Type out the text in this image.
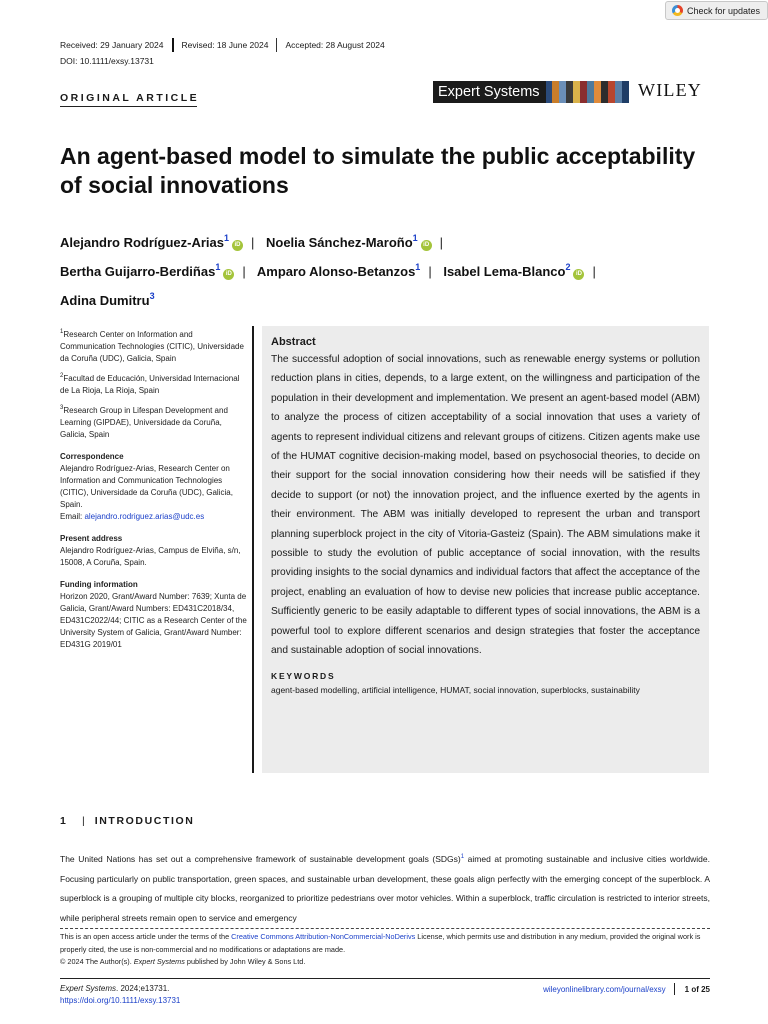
Check for updates
Received: 29 January 2024	Revised: 18 June 2024	Accepted: 28 August 2024
DOI: 10.1111/exsy.13731
ORIGINAL ARTICLE	Expert Systems	WILEY
An agent-based model to simulate the public acceptability of social innovations
Alejandro Rodríguez-Arias$^1$iD | Noelia Sánchez-Maroño$^1$iD |
Bertha Guijarro-Berdiñas$^1$iD | Amparo Alonso-Betanzos$^1$ | Isabel Lema-Blanco$^2$iD |
Adina Dumitru$^3$
$^1$Research Center on Information and Communication Technologies (CITIC), Universidade da Coruña (UDC), Galicia, Spain
$^2$Facultad de Educación, Universidad Internacional de La Rioja, La Rioja, Spain
$^3$Research Group in Lifespan Development and Learning (GIPDAE), Universidade da Coruña, Galicia, Spain
Correspondence
Alejandro Rodríguez-Arias, Research Center on Information and Communication Technologies (CITIC), Universidade da Coruña (UDC), Galicia, Spain.
Email: alejandro.rodriguez.arias@udc.es
Present address
Alejandro Rodríguez-Arias, Campus de Elviña, s/n, 15008, A Coruña, Spain.
Funding information
Horizon 2020, Grant/Award Number: 7639; Xunta de Galicia, Grant/Award Numbers: ED431C2018/34, ED431C2022/44; CITIC as a Research Center of the University System of Galicia, Grant/Award Number: ED431G 2019/01
Abstract

The successful adoption of social innovations, such as renewable energy systems or pollution reduction plans in cities, depends, to a large extent, on the willingness and participation of the population in their development and implementation. We present an agent-based model (ABM) to analyze the process of citizen acceptability of a social innovation that uses a variety of agents to represent individual citizens and relevant groups of citizens. Citizen agents make use of the HUMAT cognitive decision-making model, based on psychosocial theories, to decide on their support for the social innovation considering how their needs will be satisfied if they decide to support (or not) the innovation project, and the influence exerted by the agents in their environment. The ABM was initially developed to represent the urban and transport planning superblock project in the city of Vitoria-Gasteiz (Spain). The ABM simulations make it possible to study the evolution of public acceptance of social innovation, with the results providing insights to the social dynamics and individual factors that affect the acceptance of the project, enabling an evaluation of how to devise new policies that increase public acceptance. Sufficiently generic to be easily adaptable to different types of social innovations, the ABM is a powerful tool to explore different scenarios and design strategies that foster the acceptance and sustainable adoption of social innovations.

KEYWORDS
agent-based modelling, artificial intelligence, HUMAT, social innovation, superblocks, sustainability
1 | INTRODUCTION

The United Nations has set out a comprehensive framework of sustainable development goals (SDGs)$^1$ aimed at promoting sustainable and inclusive cities worldwide. Focusing particularly on public transportation, green spaces, and sustainable urban development, these goals align perfectly with the emerging concept of the superblock. A superblock is a grouping of multiple city blocks, reorganized to prioritize pedestrians over motor vehicles. Within a superblock, traffic circulation is restricted to interior streets, while peripheral streets remain open to service and emergency

This is an open access article under the terms of the Creative Commons Attribution-NonCommercial-NoDerivs License, which permits use and distribution in any medium, provided the original work is properly cited, the use is non-commercial and no modifications or adaptations are made.
© 2024 The Author(s). Expert Systems published by John Wiley & Sons Ltd.
Expert Systems. 2024;e13731.
https://doi.org/10.1111/exsy.13731
wileyonlinelibrary.com/journal/exsy 1 of 25
